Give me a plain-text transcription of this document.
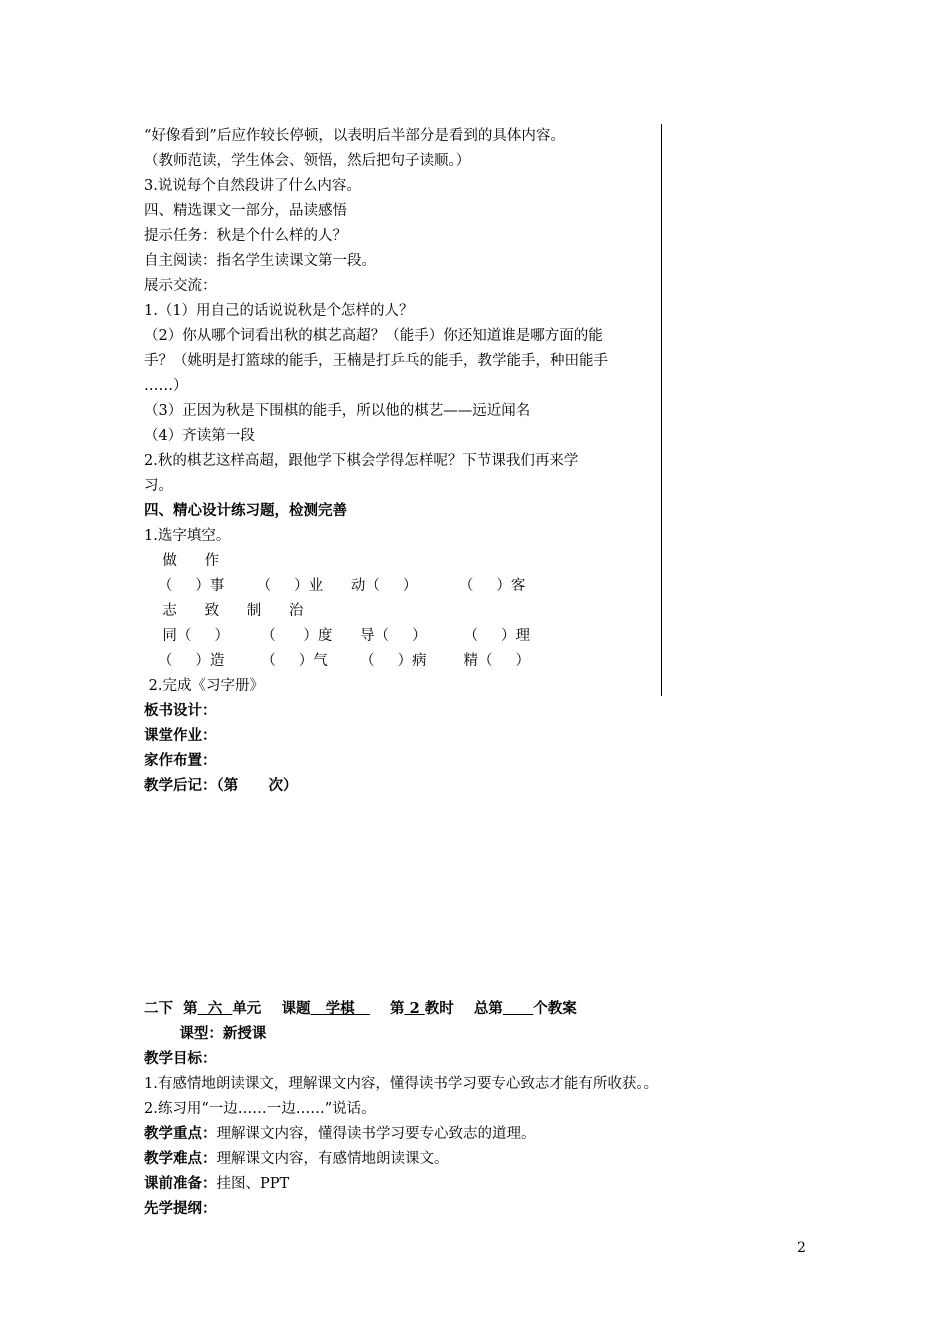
“好像看到”后应作较长停顿，以表明后半部分是看到的具体内容。
（教师范读，学生体会、领悟，然后把句子读顺。）
3.说说每个自然段讲了什么内容。
四、精选课文一部分，品读感悟
提示任务：秋是个什么样的人？
自主阅读：指名学生读课文第一段。
展示交流：
1.（1）用自己的话说说秋是个怎样的人？
（2）你从哪个词看出秋的棋艺高超？（能手）你还知道谁是哪方面的能
手？（姚明是打篮球的能手，王楠是打乒乓的能手，教学能手，种田能手
……）
（3）正因为秋是下围棋的能手，所以他的棋艺——远近闻名
（4）齐读第一段
2.秋的棋艺这样高超，跟他学下棋会学得怎样呢？下节课我们再来学
习。
四、精心设计练习题，检测完善
1.选字填空。
做      作
（     ）事       （     ）业      动（     ）         （     ）客
志      致      制      治
同（     ）       （      ）度      导（     ）        （     ）理
（     ）造        （     ）气       （     ）病        精（     ）
2.完成《习字册》
板书设计：
课堂作业：
家作布置：
教学后记：（第      次）
二下  第  六  单元    课题   学棋       第 2 教时    总第 个教案
课型：新授课
教学目标：
1.有感情地朗读课文，理解课文内容，懂得读书学习要专心致志才能有所收获。。
2.练习用“一边……一边……”说话。
教学重点：理解课文内容，懂得读书学习要专心致志的道理。
教学难点：理解课文内容，有感情地朗读课文。
课前准备：挂图、PPT
先学提纲：
2
